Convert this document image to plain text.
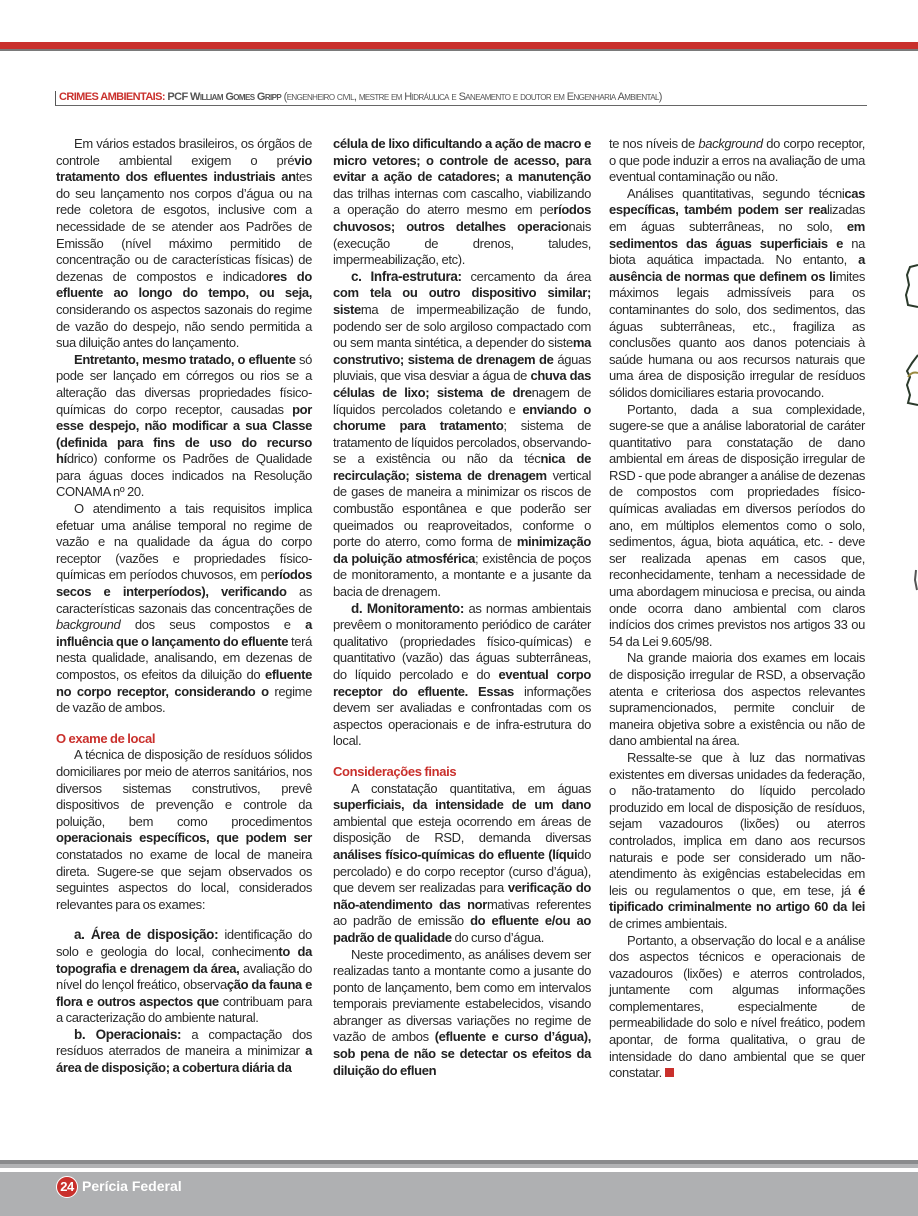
CRIMES AMBIENTAIS: PCF William Gomes Gripp (engenheiro civil, mestre em Hidráulica e Saneamento e doutor em Engenharia Ambiental)

Em vários estados brasileiros, os órgãos de controle ambiental exigem o prévio tratamento dos efluentes industriais antes do seu lançamento nos corpos d’água ou na rede coletora de esgotos, inclusive com a necessidade de se atender aos Padrões de Emissão (nível máximo permitido de concentração ou de características físicas) de dezenas de compostos e indicadores do efluente ao longo do tempo, ou seja, considerando os aspectos sazonais do regime de vazão do despejo, não sendo permitida a sua diluição antes do lançamento.

Entretanto, mesmo tratado, o efluente só pode ser lançado em córregos ou rios se a alteração das diversas propriedades físico-químicas do corpo receptor, causadas por esse despejo, não modificar a sua Classe (definida para fins de uso do recurso hídrico) conforme os Padrões de Qualidade para águas doces indicados na Resolução CONAMA nº 20.

O atendimento a tais requisitos implica efetuar uma análise temporal no regime de vazão e na qualidade da água do corpo receptor (vazões e propriedades físico-químicas em períodos chuvosos, em períodos secos e interperíodos), verificando as características sazonais das concentrações de background dos seus compostos e a influência que o lançamento do efluente terá nesta qualidade, analisando, em dezenas de compostos, os efeitos da diluição do efluente no corpo receptor, considerando o regime de vazão de ambos.

O exame de local

A técnica de disposição de resíduos sólidos domiciliares por meio de aterros sanitários, nos diversos sistemas construtivos, prevê dispositivos de prevenção e controle da poluição, bem como procedimentos operacionais específicos, que podem ser constatados no exame de local de maneira direta. Sugere-se que sejam observados os seguintes aspectos do local, considerados relevantes para os exames:

a. Área de disposição: identificação do solo e geologia do local, conhecimento da topografia e drenagem da área, avaliação do nível do lençol freático, observação da fauna e flora e outros aspectos que contribuam para a caracterização do ambiente natural.

b. Operacionais: a compactação dos resíduos aterrados de maneira a minimizar a área de disposição; a cobertura diária da

célula de lixo dificultando a ação de macro e micro vetores; o controle de acesso, para evitar a ação de catadores; a manutenção das trilhas internas com cascalho, viabilizando a operação do aterro mesmo em períodos chuvosos; outros detalhes operacionais (execução de drenos, taludes, impermeabilização, etc).

c. Infra-estrutura: cercamento da área com tela ou outro dispositivo similar; sistema de impermeabilização de fundo, podendo ser de solo argiloso compactado com ou sem manta sintética, a depender do sistema construtivo; sistema de drenagem de águas pluviais, que visa desviar a água de chuva das células de lixo; sistema de drenagem de líquidos percolados coletando e enviando o chorume para tratamento; sistema de tratamento de líquidos percolados, observando-se a existência ou não da técnica de recirculação; sistema de drenagem vertical de gases de maneira a minimizar os riscos de combustão espontânea e que poderão ser queimados ou reaproveitados, conforme o porte do aterro, como forma de minimização da poluição atmosférica; existência de poços de monitoramento, a montante e a jusante da bacia de drenagem.

d. Monitoramento: as normas ambientais prevêem o monitoramento periódico de caráter qualitativo (propriedades físico-químicas) e quantitativo (vazão) das águas subterrâneas, do líquido percolado e do eventual corpo receptor do efluente. Essas informações devem ser avaliadas e confrontadas com os aspectos operacionais e de infra-estrutura do local.

Considerações finais

A constatação quantitativa, em águas superficiais, da intensidade de um dano ambiental que esteja ocorrendo em áreas de disposição de RSD, demanda diversas análises físico-químicas do efluente (líquido percolado) e do corpo receptor (curso d’água), que devem ser realizadas para verificação do não-atendimento das normativas referentes ao padrão de emissão do efluente e/ou ao padrão de qualidade do curso d’água.

Neste procedimento, as análises devem ser realizadas tanto a montante como a jusante do ponto de lançamento, bem como em intervalos temporais previamente estabelecidos, visando abranger as diversas variações no regime de vazão de ambos (efluente e curso d’água), sob pena de não se detectar os efeitos da diluição do efluen

te nos níveis de background do corpo receptor, o que pode induzir a erros na avaliação de uma eventual contaminação ou não.

Análises quantitativas, segundo técnicas específicas, também podem ser realizadas em águas subterrâneas, no solo, em sedimentos das águas superficiais e na biota aquática impactada. No entanto, a ausência de normas que definem os limites máximos legais admissíveis para os contaminantes do solo, dos sedimentos, das águas subterrâneas, etc., fragiliza as conclusões quanto aos danos potenciais à saúde humana ou aos recursos naturais que uma área de disposição irregular de resíduos sólidos domiciliares estaria provocando.

Portanto, dada a sua complexidade, sugere-se que a análise laboratorial de caráter quantitativo para constatação de dano ambiental em áreas de disposição irregular de RSD - que pode abranger a análise de dezenas de compostos com propriedades físico-químicas avaliadas em diversos períodos do ano, em múltiplos elementos como o solo, sedimentos, água, biota aquática, etc. - deve ser realizada apenas em casos que, reconhecidamente, tenham a necessidade de uma abordagem minuciosa e precisa, ou ainda onde ocorra dano ambiental com claros indícios dos crimes previstos nos artigos 33 ou 54 da Lei 9.605/98.

Na grande maioria dos exames em locais de disposição irregular de RSD, a observação atenta e criteriosa dos aspectos relevantes supramencionados, permite concluir de maneira objetiva sobre a existência ou não de dano ambiental na área.

Ressalte-se que à luz das normativas existentes em diversas unidades da federação, o não-tratamento do líquido percolado produzido em local de disposição de resíduos, sejam vazadouros (lixões) ou aterros controlados, implica em dano aos recursos naturais e pode ser considerado um não-atendimento às exigências estabelecidas em leis ou regulamentos o que, em tese, já é tipificado criminalmente no artigo 60 da lei de crimes ambientais.

Portanto, a observação do local e a análise dos aspectos técnicos e operacionais de vazadouros (lixões) e aterros controlados, juntamente com algumas informações complementares, especialmente de permeabilidade do solo e nível freático, podem apontar, de forma qualitativa, o grau de intensidade do dano ambiental que se quer constatar.

24 Perícia Federal
